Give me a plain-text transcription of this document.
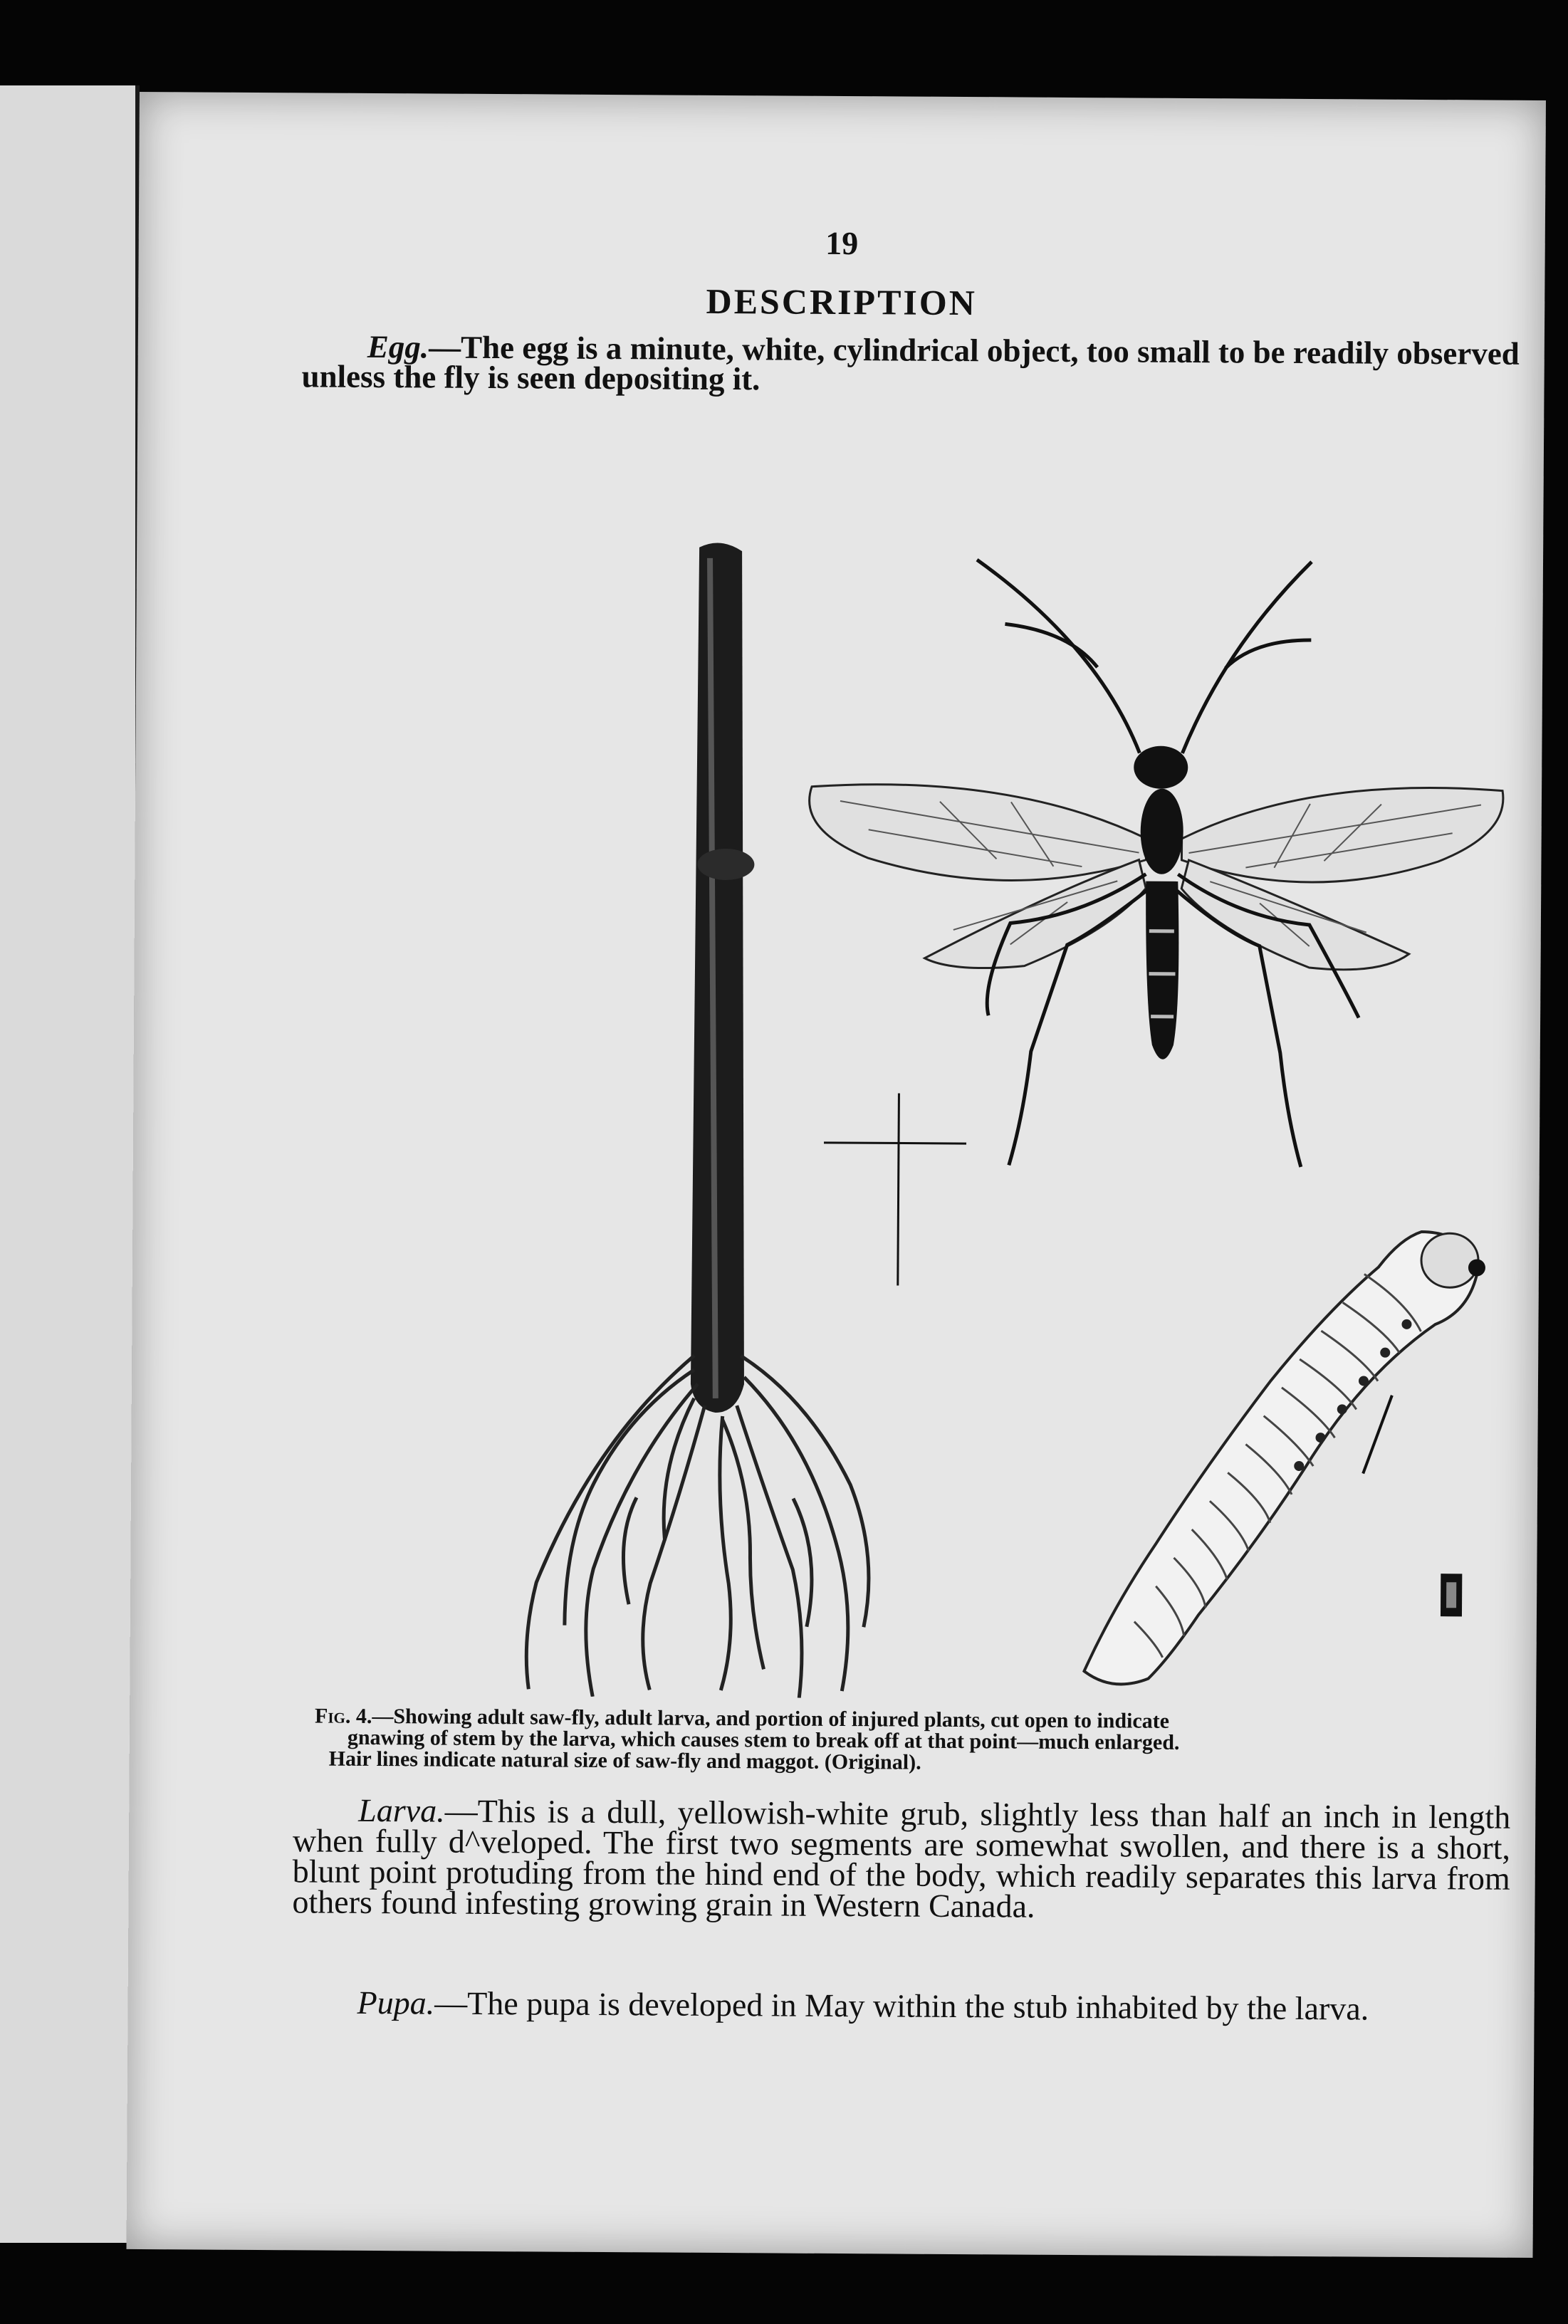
19
DESCRIPTION
Egg.—The egg is a minute, white, cylindrical object, too small to be readily observed unless the fly is seen depositing it.
Fig. 4.—Showing adult saw-fly, adult larva, and portion of injured plants, cut open to indicate
gnawing of stem by the larva, which causes stem to break off at that point—much enlarged.
Hair lines indicate natural size of saw-fly and maggot. (Original).
Larva.—This is a dull, yellowish-white grub, slightly less than half an inch in length when fully d^veloped. The first two segments are somewhat swollen, and there is a short, blunt point protuding from the hind end of the body, which readily separates this larva from others found infesting growing grain in Western Canada.
Pupa.—The pupa is developed in May within the stub inhabited by the larva.
